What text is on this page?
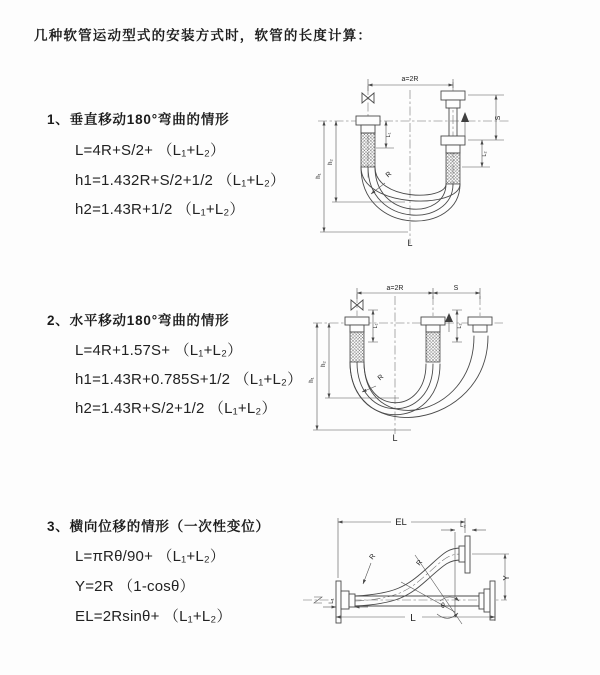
几种软管运动型式的安装方式时，软管的长度计算：
1、垂直移动180°弯曲的情形
L=4R+S/2+ （L₁+L₂）
h1=1.432R+S/2+1/2 （L₁+L₂）
h2=1.43R+1/2 （L₁+L₂）
2、水平移动180°弯曲的情形
L=4R+1.57S+ （L₁+L₂）
h1=1.43R+0.785S+1/2 （L₁+L₂）
h2=1.43R+S/2+1/2 （L₁+L₂）
3、横向位移的情形（一次性变位）
L=πRθ/90+ （L₁+L₂）
Y=2R （1-cosθ）
EL=2Rsinθ+ （L₁+L₂）
a=2R
S
L₂
L₁
h₁
h₂
R
L
a=2R	S
h₁
h₂
L₁	L₂
R
L
θ
R
R
EL	L₂
Y
L
L₁
